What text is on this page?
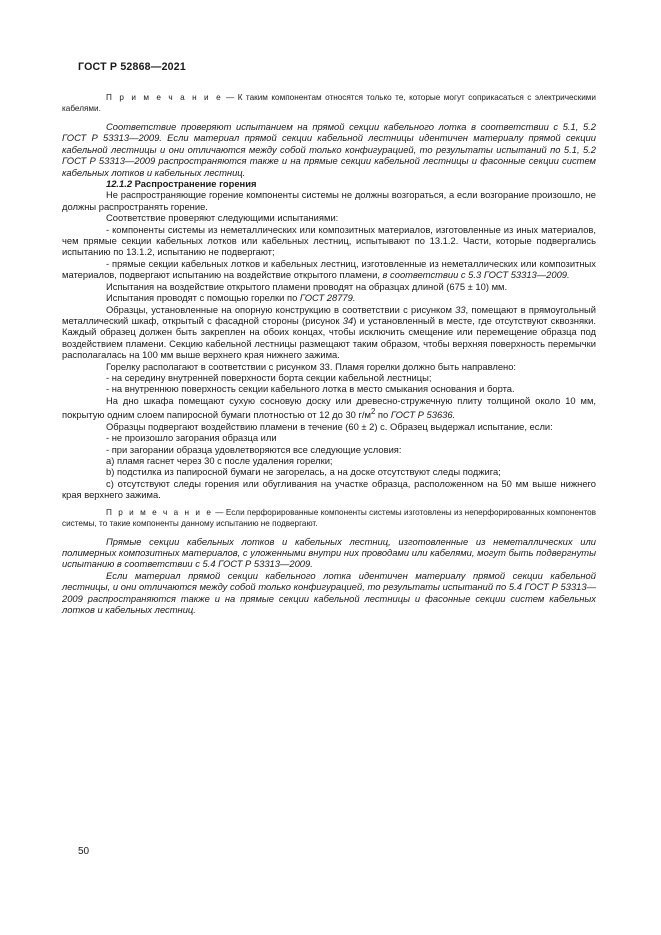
ГОСТ Р 52868—2021

П р и м е ч а н и е — К таким компонентам относятся только те, которые могут соприкасаться с электрическими кабелями.

Соответствие проверяют испытанием на прямой секции кабельного лотка в соответствии с 5.1, 5.2 ГОСТ Р 53313—2009. Если материал прямой секции кабельной лестницы идентичен материалу прямой секции кабельной лестницы и они отличаются между собой только конфигурацией, то результаты испытаний по 5.1, 5.2 ГОСТ Р 53313—2009 распространяются также и на прямые секции кабельной лестницы и фасонные секции систем кабельных лотков и кабельных лестниц.

12.1.2 Распространение горения

Не распространяющие горение компоненты системы не должны возгораться, а если возгорание произошло, не должны распространять горение.

Соответствие проверяют следующими испытаниями:

- компоненты системы из неметаллических или композитных материалов, изготовленные из иных материалов, чем прямые секции кабельных лотков или кабельных лестниц, испытывают по 13.1.2. Части, которые подвергались испытанию по 13.1.2, испытанию не подвергают;

- прямые секции кабельных лотков и кабельных лестниц, изготовленные из неметаллических или композитных материалов, подвергают испытанию на воздействие открытого пламени, в соответствии с 5.3 ГОСТ 53313—2009.

Испытания на воздействие открытого пламени проводят на образцах длиной (675 ± 10) мм.

Испытания проводят с помощью горелки по ГОСТ 28779.

Образцы, установленные на опорную конструкцию в соответствии с рисунком 33, помещают в прямоугольный металлический шкаф, открытый с фасадной стороны (рисунок 34) и установленный в месте, где отсутствуют сквозняки. Каждый образец должен быть закреплен на обоих концах, чтобы исключить смещение или перемещение образца под воздействием пламени. Секцию кабельной лестницы размещают таким образом, чтобы верхняя поверхность перемычки располагалась на 100 мм выше верхнего края нижнего зажима.

Горелку располагают в соответствии с рисунком 33. Пламя горелки должно быть направлено:

- на середину внутренней поверхности борта секции кабельной лестницы;

- на внутреннюю поверхность секции кабельного лотка в место смыкания основания и борта.

На дно шкафа помещают сухую сосновую доску или древесно-стружечную плиту толщиной около 10 мм, покрытую одним слоем папиросной бумаги плотностью от 12 до 30 $г/м^2$ по ГОСТ Р 53636.

Образцы подвергают воздействию пламени в течение (60 ± 2) с. Образец выдержал испытание, если:

- не произошло загорания образца или

- при загорании образца удовлетворяются все следующие условия:

а) пламя гаснет через 30 с после удаления горелки;

b) подстилка из папиросной бумаги не загорелась, а на доске отсутствуют следы поджига;

c) отсутствуют следы горения или обугливания на участке образца, расположенном на 50 мм выше нижнего края верхнего зажима.

П р и м е ч а н и е — Если перфорированные компоненты системы изготовлены из неперфорированных компонентов системы, то такие компоненты данному испытанию не подвергают.

Прямые секции кабельных лотков и кабельных лестниц, изготовленные из неметаллических или полимерных композитных материалов, с уложенными внутри них проводами или кабелями, могут быть подвергнуты испытанию в соответствии с 5.4 ГОСТ Р 53313—2009.

Если материал прямой секции кабельного лотка идентичен материалу прямой секции кабельной лестницы, и они отличаются между собой только конфигурацией, то результаты испытаний по 5.4 ГОСТ Р 53313—2009 распространяются также и на прямые секции кабельной лестницы и фасонные секции систем кабельных лотков и кабельных лестниц.

50
